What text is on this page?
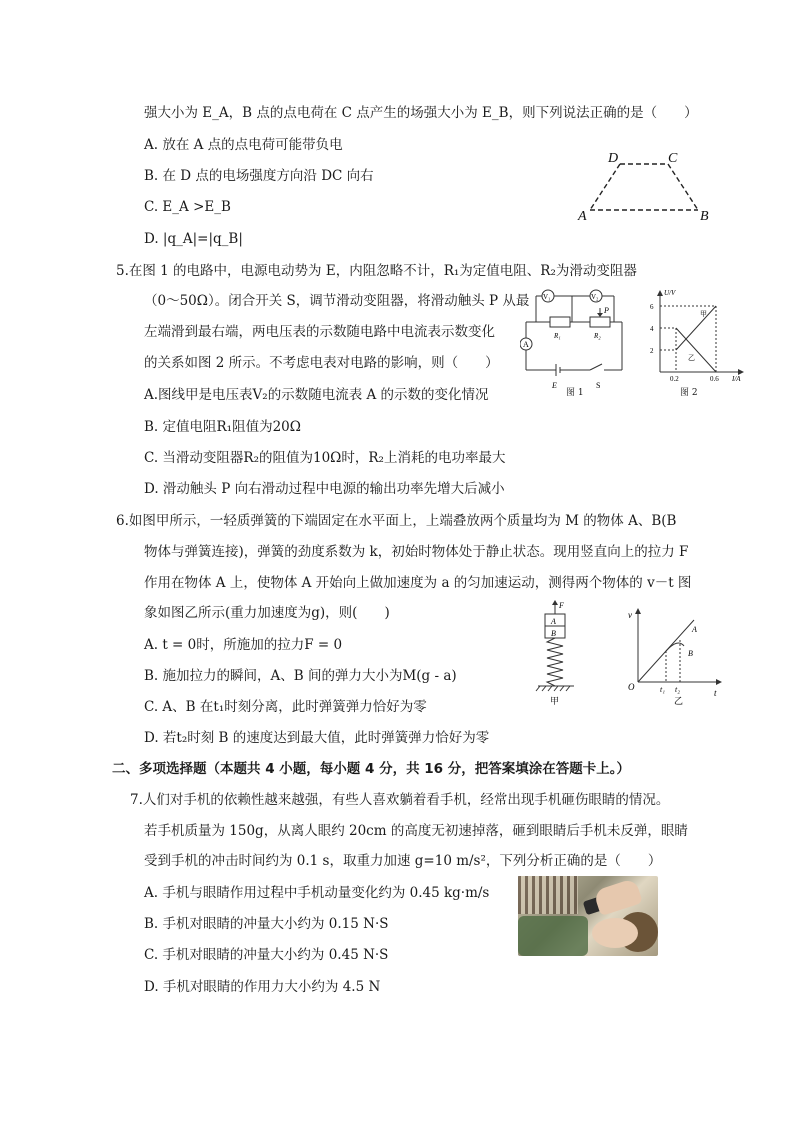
强大小为 E_A，B 点的点电荷在 C 点产生的场强大小为 E_B，则下列说法正确的是（　　）
A. 放在 A 点的点电荷可能带负电
B. 在 D 点的电场强度方向沿 DC 向右
C. E_A >E_B
D. |q_A|=|q_B|
D	C
A	B
5.在图 1 的电路中，电源电动势为 E，内阻忽略不计，R₁为定值电阻、R₂为滑动变阻器
（0～50Ω）。闭合开关 S，调节滑动变阻器，将滑动触头 P 从最
左端滑到最右端，两电压表的示数随电路中电流表示数变化
的关系如图 2 所示。不考虑电表对电路的影响，则（　　）
A.图线甲是电压表V₂的示数随电流表 A 的示数的变化情况
B. 定值电阻R₁阻值为20Ω
C. 当滑动变阻器R₂的阻值为10Ω时，R₂上消耗的电功率最大
D. 滑动触头 P 向右滑动过程中电源的输出功率先增大后减小
V₁	V₂
A
R₁	R₂
P
E	S
图 1
U/V
I/A
6
4
2
0.2	0.6
甲
乙
图 2
6.如图甲所示，一轻质弹簧的下端固定在水平面上，上端叠放两个质量均为 M 的物体 A、B(B
物体与弹簧连接)，弹簧的劲度系数为 k，初始时物体处于静止状态。现用竖直向上的拉力 F
作用在物体 A 上，使物体 A 开始向上做加速度为 a 的匀加速运动，测得两个物体的 v－t 图
象如图乙所示(重力加速度为g)，则(　　)
A. t = 0时，所施加的拉力F = 0
B. 施加拉力的瞬间，A、B 间的弹力大小为M(g - a)
C. A、B 在t₁时刻分离，此时弹簧弹力恰好为零
D. 若t₂时刻 B 的速度达到最大值，此时弹簧弹力恰好为零
F
A
B
甲
v
t
O
A
B
t₁ t₂
乙
二、多项选择题（本题共 4 小题，每小题 4 分，共 16 分，把答案填涂在答题卡上。）
7.人们对手机的依赖性越来越强，有些人喜欢躺着看手机，经常出现手机砸伤眼睛的情况。
若手机质量为 150g，从离人眼约 20cm 的高度无初速掉落，砸到眼睛后手机未反弹，眼睛
受到手机的冲击时间约为 0.1 s，取重力加速 g=10 m/s²，下列分析正确的是（　　）
A. 手机与眼睛作用过程中手机动量变化约为 0.45 kg·m/s
B. 手机对眼睛的冲量大小约为 0.15 N·S
C. 手机对眼睛的冲量大小约为 0.45 N·S
D. 手机对眼睛的作用力大小约为 4.5 N
